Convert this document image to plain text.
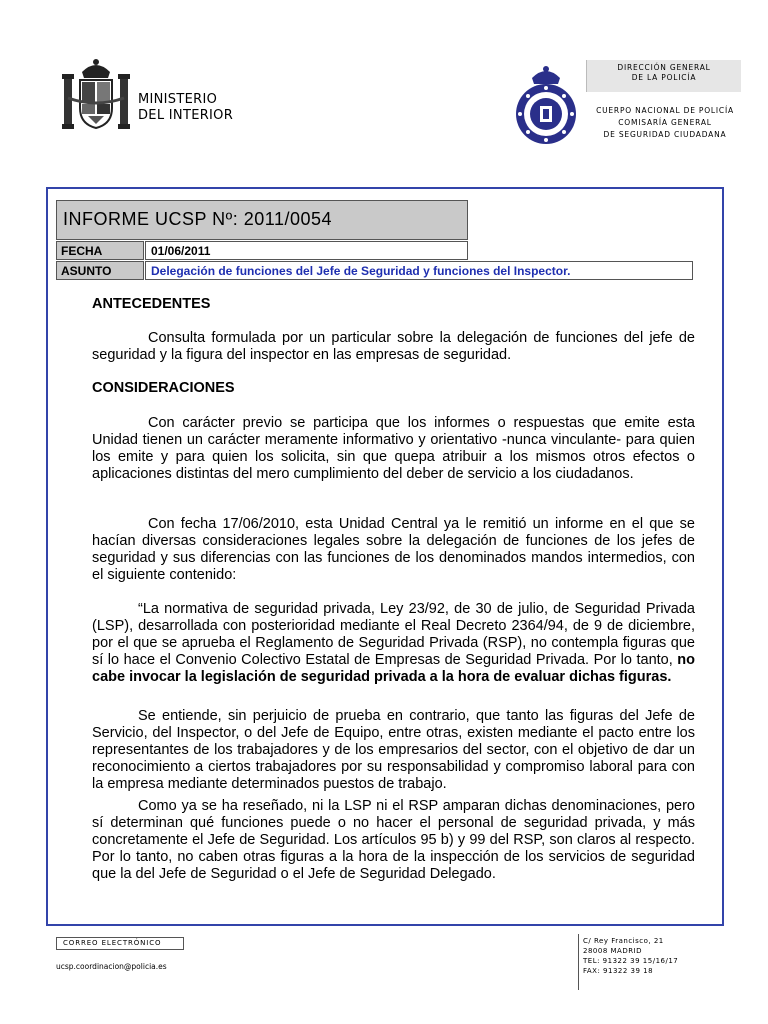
MINISTERIO
DEL INTERIOR
DIRECCIÓN GENERAL
DE LA POLICÍA
CUERPO NACIONAL DE POLICÍA
COMISARÍA GENERAL
DE SEGURIDAD CIUDADANA
INFORME UCSP Nº: 2011/0054
FECHA	01/06/2011
ASUNTO	Delegación de funciones del Jefe de Seguridad y funciones del Inspector.
ANTECEDENTES
Consulta formulada por un particular sobre la delegación de funciones del jefe de seguridad y la figura del inspector en las empresas de seguridad.
CONSIDERACIONES
Con carácter previo se participa que los informes o respuestas que emite esta Unidad tienen un carácter meramente informativo y orientativo -nunca vinculante- para quien los emite y para quien los solicita, sin que quepa atribuir a los mismos otros efectos o aplicaciones distintas del mero cumplimiento del deber de servicio a los ciudadanos.
Con fecha 17/06/2010, esta Unidad Central ya le remitió un informe en el que se hacían diversas consideraciones legales sobre la delegación de funciones de los jefes de seguridad y sus diferencias con las funciones de los denominados mandos intermedios, con el siguiente contenido:
“La normativa de seguridad privada, Ley 23/92, de 30 de julio, de Seguridad Privada (LSP), desarrollada con posterioridad mediante el Real Decreto 2364/94, de 9 de diciembre, por el que se aprueba el Reglamento de Seguridad Privada (RSP), no contempla figuras que sí lo hace el Convenio Colectivo Estatal de Empresas de Seguridad Privada. Por lo tanto, no cabe invocar la legislación de seguridad privada a la hora de evaluar dichas figuras.
Se entiende, sin perjuicio de prueba en contrario, que tanto las figuras del Jefe de Servicio, del Inspector, o del Jefe de Equipo, entre otras, existen mediante el pacto entre los representantes de los trabajadores y de los empresarios del sector, con el objetivo de dar un reconocimiento a ciertos trabajadores por su responsabilidad y compromiso laboral para con la empresa mediante determinados puestos de trabajo.
Como ya se ha reseñado, ni la LSP ni el RSP amparan dichas denominaciones, pero sí determinan qué funciones puede o no hacer el personal de seguridad privada, y más concretamente el Jefe de Seguridad. Los artículos 95 b) y 99 del RSP, son claros al respecto. Por lo tanto, no caben otras figuras a la hora de la inspección de los servicios de seguridad que la del Jefe de Seguridad o el Jefe de Seguridad Delegado.
CORREO ELECTRÓNICO
ucsp.coordinacion@policia.es
C/ Rey Francisco, 21
28008 MADRID
TEL: 91322 39 15/16/17
FAX: 91322 39 18
